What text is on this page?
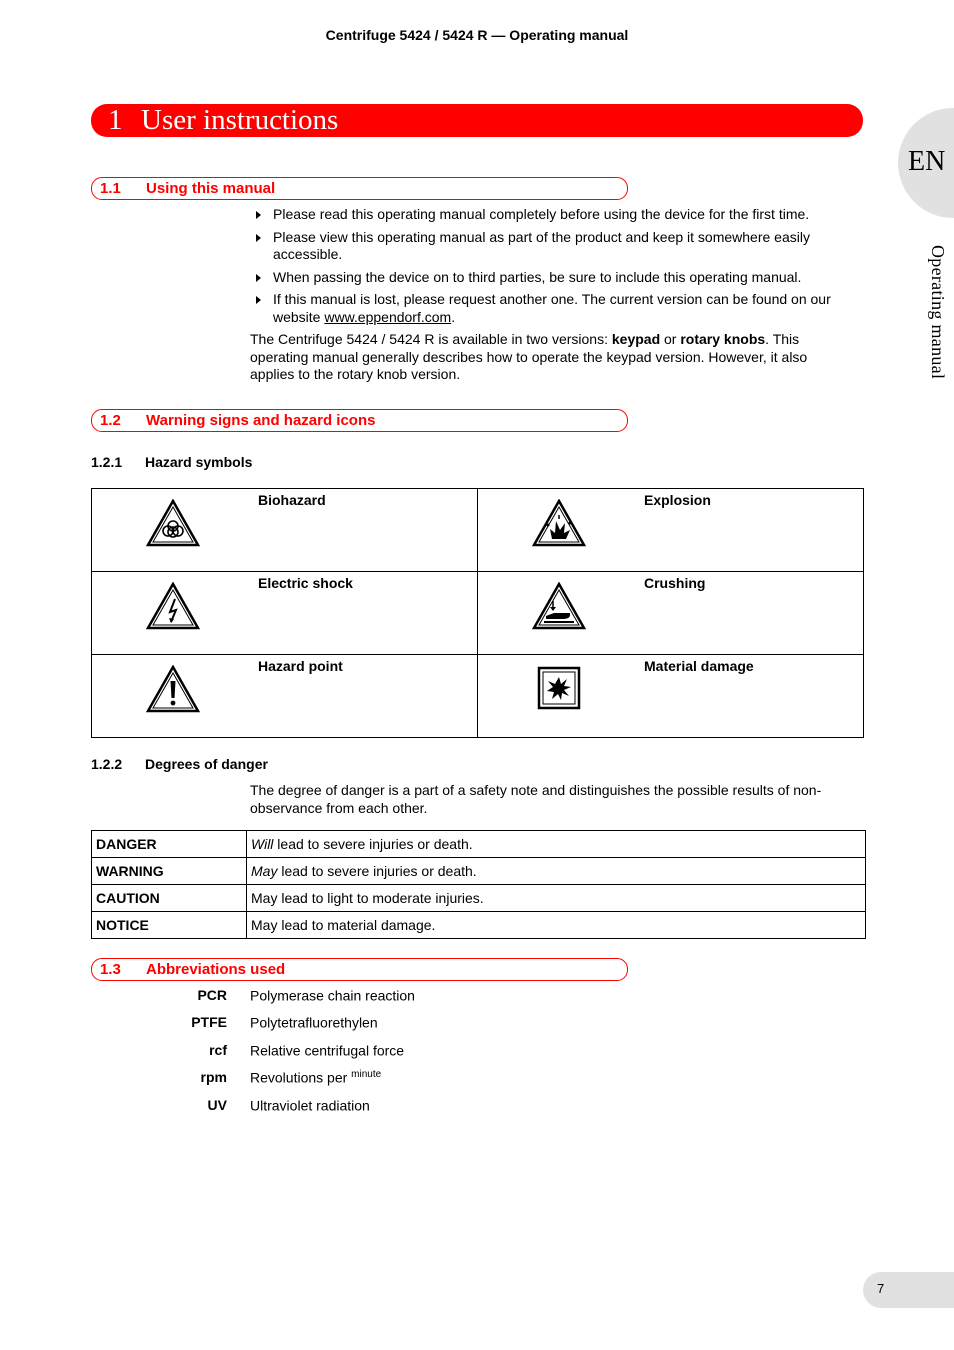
Centrifuge 5424 / 5424 R — Operating manual
EN
Operating manual
1 User instructions
1.1 Using this manual
Please read this operating manual completely before using the device for the first time.
Please view this operating manual as part of the product and keep it somewhere easily accessible.
When passing the device on to third parties, be sure to include this operating manual.
If this manual is lost, please request another one. The current version can be found on our website www.eppendorf.com.
The Centrifuge 5424 / 5424 R is available in two versions: keypad or rotary knobs. This operating manual generally describes how to operate the keypad version. However, it also applies to the rotary knob version.
1.2 Warning signs and hazard icons
1.2.1 Hazard symbols
Biohazard	Explosion

Electric shock	Crushing

Hazard point	Material damage
1.2.2 Degrees of danger
The degree of danger is a part of a safety note and distinguishes the possible results of non-observance from each other.
DANGER	Will lead to severe injuries or death.
WARNING	May lead to severe injuries or death.
CAUTION	May lead to light to moderate injuries.
NOTICE	May lead to material damage.
1.3 Abbreviations used
PCR Polymerase chain reaction
PTFE Polytetrafluorethylen
rcf Relative centrifugal force
rpm Revolutions per $^{minute}$
UV Ultraviolet radiation
7
